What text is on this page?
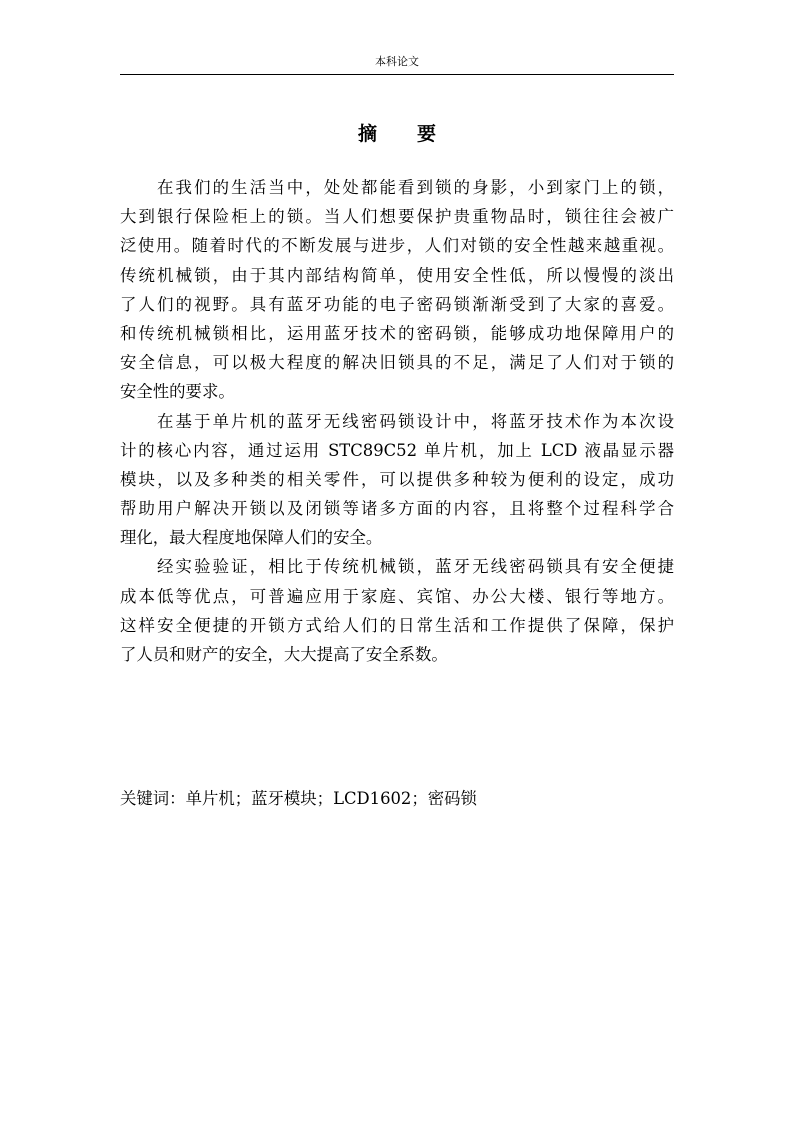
本科论文
摘 要
在我们的生活当中，处处都能看到锁的身影，小到家门上的锁，
大到银行保险柜上的锁。当人们想要保护贵重物品时，锁往往会被广
泛使用。随着时代的不断发展与进步，人们对锁的安全性越来越重视。
传统机械锁，由于其内部结构简单，使用安全性低，所以慢慢的淡出
了人们的视野。具有蓝牙功能的电子密码锁渐渐受到了大家的喜爱。
和传统机械锁相比，运用蓝牙技术的密码锁，能够成功地保障用户的
安全信息，可以极大程度的解决旧锁具的不足，满足了人们对于锁的
安全性的要求。
在基于单片机的蓝牙无线密码锁设计中，将蓝牙技术作为本次设
计的核心内容，通过运用 STC89C52 单片机，加上 LCD 液晶显示器
模块，以及多种类的相关零件，可以提供多种较为便利的设定，成功
帮助用户解决开锁以及闭锁等诸多方面的内容，且将整个过程科学合
理化，最大程度地保障人们的安全。
经实验验证，相比于传统机械锁，蓝牙无线密码锁具有安全便捷
成本低等优点，可普遍应用于家庭、宾馆、办公大楼、银行等地方。
这样安全便捷的开锁方式给人们的日常生活和工作提供了保障，保护
了人员和财产的安全，大大提高了安全系数。
关键词：单片机；蓝牙模块；LCD1602；密码锁
